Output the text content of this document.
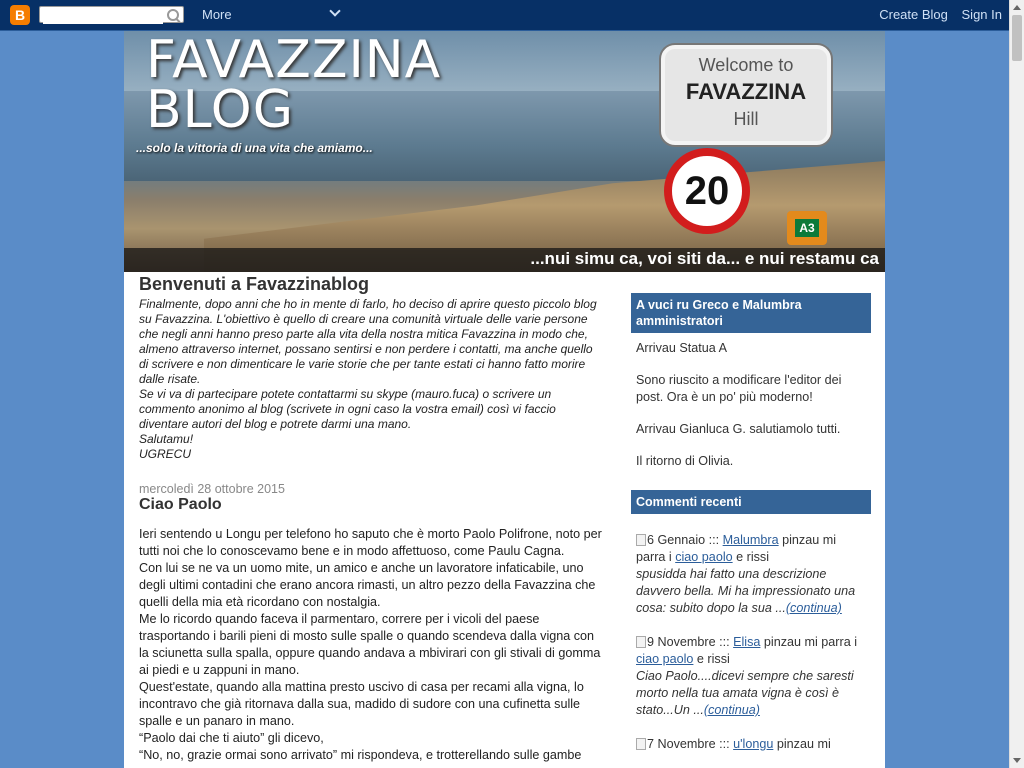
B	More	Create Blog Sign In
FAVAZZINA
BLOG
...solo la vittoria di una vita che amiamo...
Welcome to
FAVAZZINA
Hill
20
A3
...nui simu ca, voi siti da... e nui restamu ca
Benvenuti a Favazzinablog
Finalmente, dopo anni che ho in mente di farlo, ho deciso di aprire questo piccolo blog su Favazzina. L'obiettivo è quello di creare una comunità virtuale delle varie persone che negli anni hanno preso parte alla vita della nostra mitica Favazzina in modo che, almeno attraverso internet, possano sentirsi e non perdere i contatti, ma anche quello di scrivere e non dimenticare le varie storie che per tante estati ci hanno fatto morire dalle risate.
Se vi va di partecipare potete contattarmi su skype (mauro.fuca) o scrivere un commento anonimo al blog (scrivete in ogni caso la vostra email) così vi faccio diventare autori del blog e potrete darmi una mano.
Salutamu!
UGRECU
mercoledì 28 ottobre 2015
Ciao Paolo
Ieri sentendo u Longu per telefono ho saputo che è morto Paolo Polifrone, noto per tutti noi che lo conoscevamo bene e in modo affettuoso, come Paulu Cagna.
Con lui se ne va un uomo mite, un amico e anche un lavoratore infaticabile, uno degli ultimi contadini che erano ancora rimasti, un altro pezzo della Favazzina che quelli della mia età ricordano con nostalgia.
Me lo ricordo quando faceva il parmentaro, correre per i vicoli del paese trasportando i barili pieni di mosto sulle spalle o quando scendeva dalla vigna con la sciunetta sulla spalla, oppure quando andava a mbivirari con gli stivali di gomma ai piedi e u zappuni in mano.
Quest'estate, quando alla mattina presto uscivo di casa per recami alla vigna, lo incontravo che già ritornava dalla sua, madido di sudore con una cufinetta sulle spalle e un panaro in mano.
“Paolo dai che ti aiuto” gli dicevo,
“No, no, grazie ormai sono arrivato” mi rispondeva, e trotterellando sulle gambe
A vuci ru Greco e Malumbra amministratori

Arrivau Statua A

Sono riuscito a modificare l'editor dei post. Ora è un po' più moderno!

Arrivau Gianluca G. salutiamolo tutti.

Il ritorno di Olivia.

Commenti recenti
6 Gennaio ::: Malumbra pinzau mi parra i ciao paolo e rissi
spusidda hai fatto una descrizione davvero bella. Mi ha impressionato una cosa: subito dopo la sua ...(continua)
9 Novembre ::: Elisa pinzau mi parra i ciao paolo e rissi
Ciao Paolo....dicevi sempre che saresti morto nella tua amata vigna è così è stato...Un ...(continua)
7 Novembre ::: u'longu pinzau mi
